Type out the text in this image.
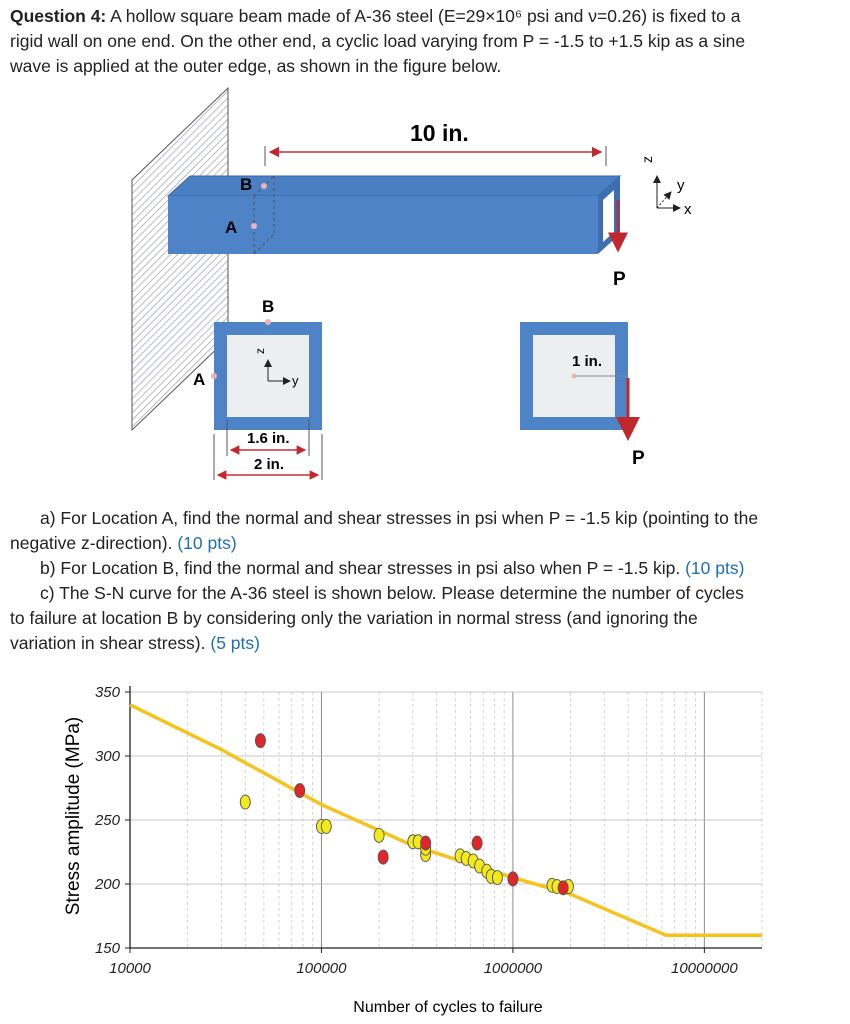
Question 4: A hollow square beam made of A-36 steel (E=29×10⁶ psi and ν=0.26) is fixed to a
rigid wall on one end. On the other end, a cyclic load varying from P = -1.5 to +1.5 kip as a sine
wave is applied at the outer edge, as shown in the figure below.
B
A
10 in.
P
z
y
x
B
A
z
y
1.6 in.
2 in.
1 in.
P
a) For Location A, find the normal and shear stresses in psi when P = -1.5 kip (pointing to the
negative z-direction). (10 pts)
b) For Location B, find the normal and shear stresses in psi also when P = -1.5 kip. (10 pts)
c) The S-N curve for the A-36 steel is shown below. Please determine the number of cycles
to failure at location B by considering only the variation in normal stress (and ignoring the
variation in shear stress). (5 pts)
150
200
250
300
350
10000	100000	1000000	10000000
Number of cycles to failure
Stress amplitude (MPa)
